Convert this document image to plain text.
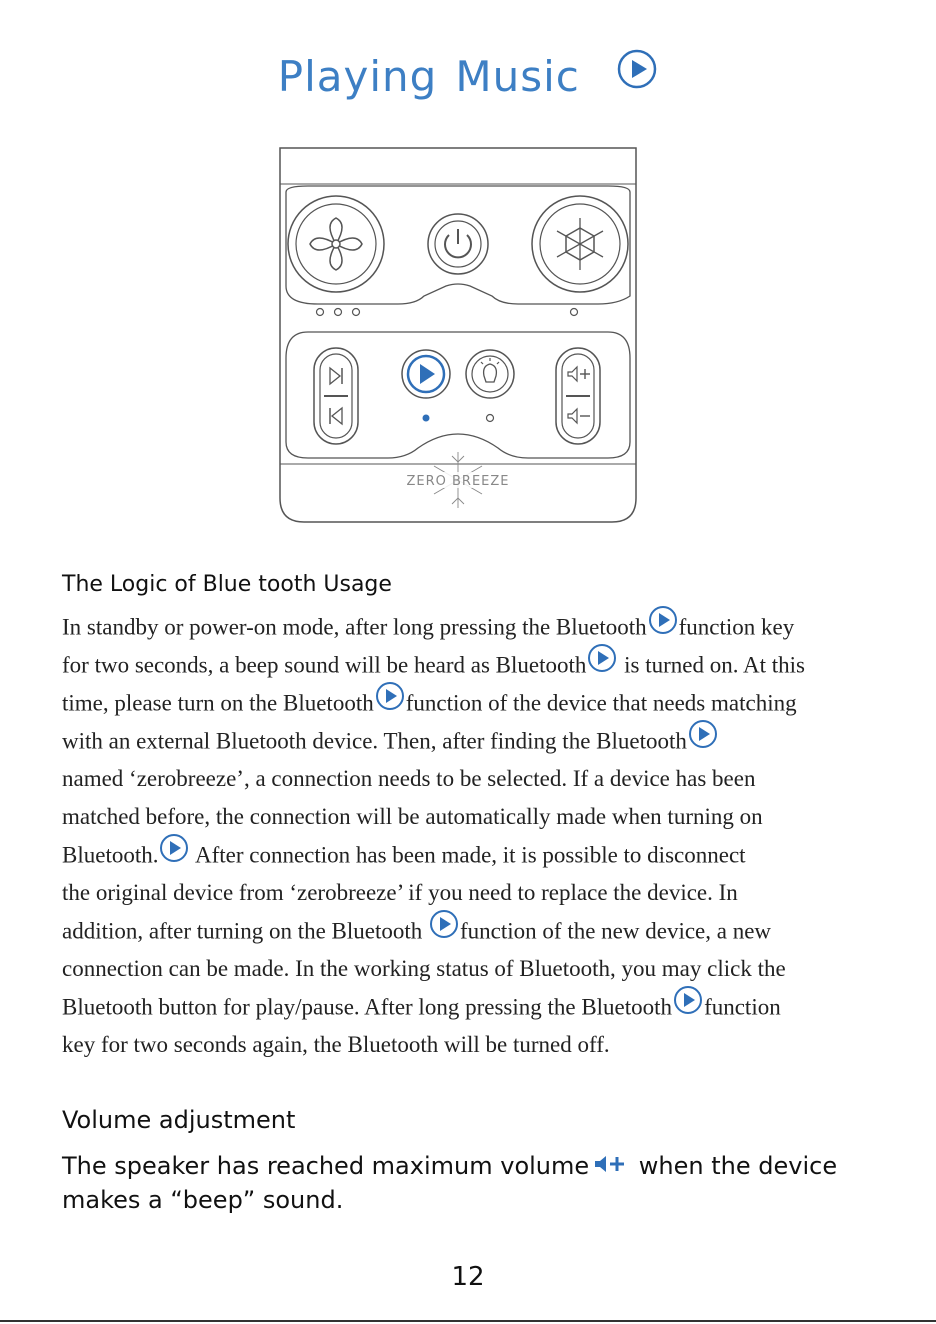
Playing Music
ZERO BREEZE
The Logic of Blue tooth Usage
In standby or power-on mode, after long pressing the Bluetooth function key
for two seconds, a beep sound will be heard as Bluetooth is turned on. At this
time, please turn on the Bluetooth function of the device that needs matching
with an external Bluetooth device. Then, after finding the Bluetooth
named ‘zerobreeze’, a connection needs to be selected. If a device has been
matched before, the connection will be automatically made when turning on
Bluetooth. After connection has been made, it is possible to disconnect
the original device from ‘zerobreeze’ if you need to replace the device. In
addition, after turning on the Bluetooth function of the new device, a new
connection can be made. In the working status of Bluetooth, you may click the
Bluetooth button for play/pause. After long pressing the Bluetooth function
key for two seconds again, the Bluetooth will be turned off.
Volume adjustment
The speaker has reached maximum volume when the device
makes a “beep” sound.
12
